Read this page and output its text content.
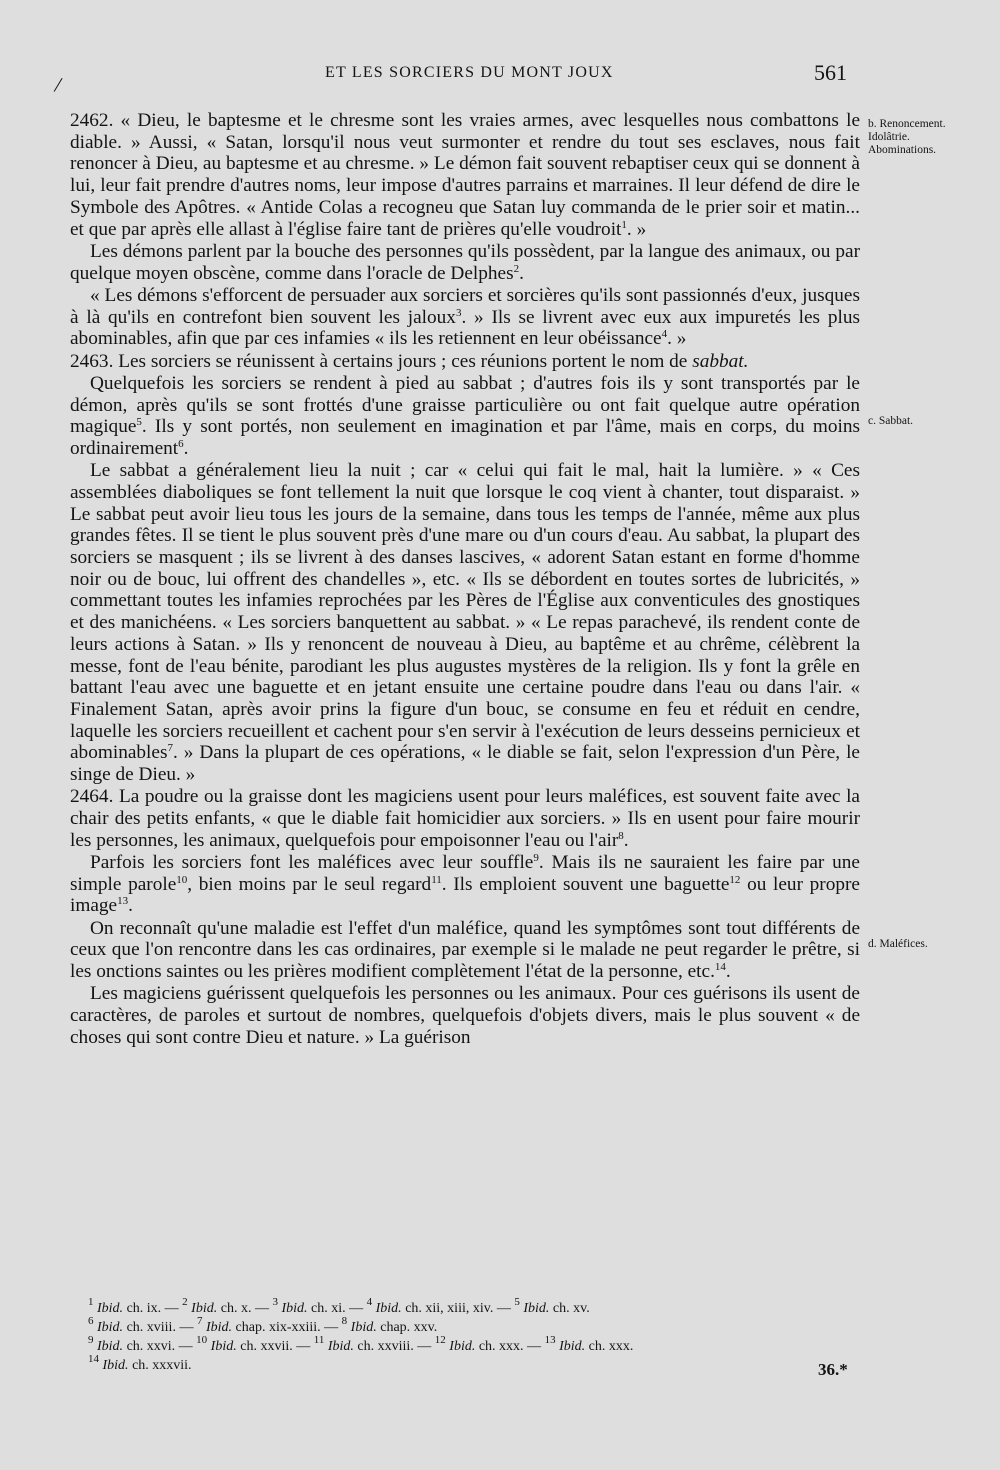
ET LES SORCIERS DU MONT JOUX	561
/

2462. « Dieu, le baptesme et le chresme sont les vraies armes, avec lesquelles nous combattons le diable. » Aussi, « Satan, lorsqu'il nous veut surmonter et rendre du tout ses esclaves, nous fait renoncer à Dieu, au baptesme et au chresme. » Le démon fait souvent rebaptiser ceux qui se donnent à lui, leur fait prendre d'autres noms, leur impose d'autres parrains et marraines. Il leur défend de dire le Symbole des Apôtres. « Antide Colas a recogneu que Satan luy commanda de le prier soir et matin... et que par après elle allast à l'église faire tant de prières qu'elle voudroit$^1$. »

Les démons parlent par la bouche des personnes qu'ils possèdent, par la langue des animaux, ou par quelque moyen obscène, comme dans l'oracle de Delphes$^2$.

« Les démons s'efforcent de persuader aux sorciers et sorcières qu'ils sont passionnés d'eux, jusques à là qu'ils en contrefont bien souvent les jaloux$^3$. » Ils se livrent avec eux aux impuretés les plus abominables, afin que par ces infamies « ils les retiennent en leur obéissance$^4$. »

2463. Les sorciers se réunissent à certains jours ; ces réunions portent le nom de sabbat.

Quelquefois les sorciers se rendent à pied au sabbat ; d'autres fois ils y sont transportés par le démon, après qu'ils se sont frottés d'une graisse particulière ou ont fait quelque autre opération magique$^5$. Ils y sont portés, non seulement en imagination et par l'âme, mais en corps, du moins ordinairement$^6$.

Le sabbat a généralement lieu la nuit ; car « celui qui fait le mal, hait la lumière. » « Ces assemblées diaboliques se font tellement la nuit que lorsque le coq vient à chanter, tout disparaist. » Le sabbat peut avoir lieu tous les jours de la semaine, dans tous les temps de l'année, même aux plus grandes fêtes. Il se tient le plus souvent près d'une mare ou d'un cours d'eau. Au sabbat, la plupart des sorciers se masquent ; ils se livrent à des danses lascives, « adorent Satan estant en forme d'homme noir ou de bouc, lui offrent des chandelles », etc. « Ils se débordent en toutes sortes de lubricités, » commettant toutes les infamies reprochées par les Pères de l'Église aux conventicules des gnostiques et des manichéens. « Les sorciers banquettent au sabbat. » « Le repas parachevé, ils rendent conte de leurs actions à Satan. » Ils y renoncent de nouveau à Dieu, au baptême et au chrême, célèbrent la messe, font de l'eau bénite, parodiant les plus augustes mystères de la religion. Ils y font la grêle en battant l'eau avec une baguette et en jetant ensuite une certaine poudre dans l'eau ou dans l'air. « Finalement Satan, après avoir prins la figure d'un bouc, se consume en feu et réduit en cendre, laquelle les sorciers recueillent et cachent pour s'en servir à l'exécution de leurs desseins pernicieux et abominables$^7$. » Dans la plupart de ces opérations, « le diable se fait, selon l'expression d'un Père, le singe de Dieu. »

2464. La poudre ou la graisse dont les magiciens usent pour leurs maléfices, est souvent faite avec la chair des petits enfants, « que le diable fait homicidier aux sorciers. » Ils en usent pour faire mourir les personnes, les animaux, quelquefois pour empoisonner l'eau ou l'air$^8$.

Parfois les sorciers font les maléfices avec leur souffle$^9$. Mais ils ne sauraient les faire par une simple parole$^{10}$, bien moins par le seul regard$^{11}$. Ils emploient souvent une baguette$^{12}$ ou leur propre image$^{13}$.

On reconnaît qu'une maladie est l'effet d'un maléfice, quand les symptômes sont tout différents de ceux que l'on rencontre dans les cas ordinaires, par exemple si le malade ne peut regarder le prêtre, si les onctions saintes ou les prières modifient complètement l'état de la personne, etc.$^{14}$.

Les magiciens guérissent quelquefois les personnes ou les animaux. Pour ces guérisons ils usent de caractères, de paroles et surtout de nombres, quelquefois d'objets divers, mais le plus souvent « de choses qui sont contre Dieu et nature. » La guérison

b. Renoncement. Idolâtrie. Abominations.
c. Sabbat.
d. Maléfices.
$^1$ Ibid. ch. ix. — $^2$ Ibid. ch. x. — $^3$ Ibid. ch. xi. — $^4$ Ibid. ch. xii, xiii, xiv. — $^5$ Ibid. ch. xv.
$^6$ Ibid. ch. xviii. — $^7$ Ibid. chap. xix-xxiii. — $^8$ Ibid. chap. xxv.
$^9$ Ibid. ch. xxvi. — $^{10}$ Ibid. ch. xxvii. — $^{11}$ Ibid. ch. xxviii. — $^{12}$ Ibid. ch. xxx. — $^{13}$ Ibid. ch. xxx.
$^{14}$ Ibid. ch. xxxvii.	36.*
